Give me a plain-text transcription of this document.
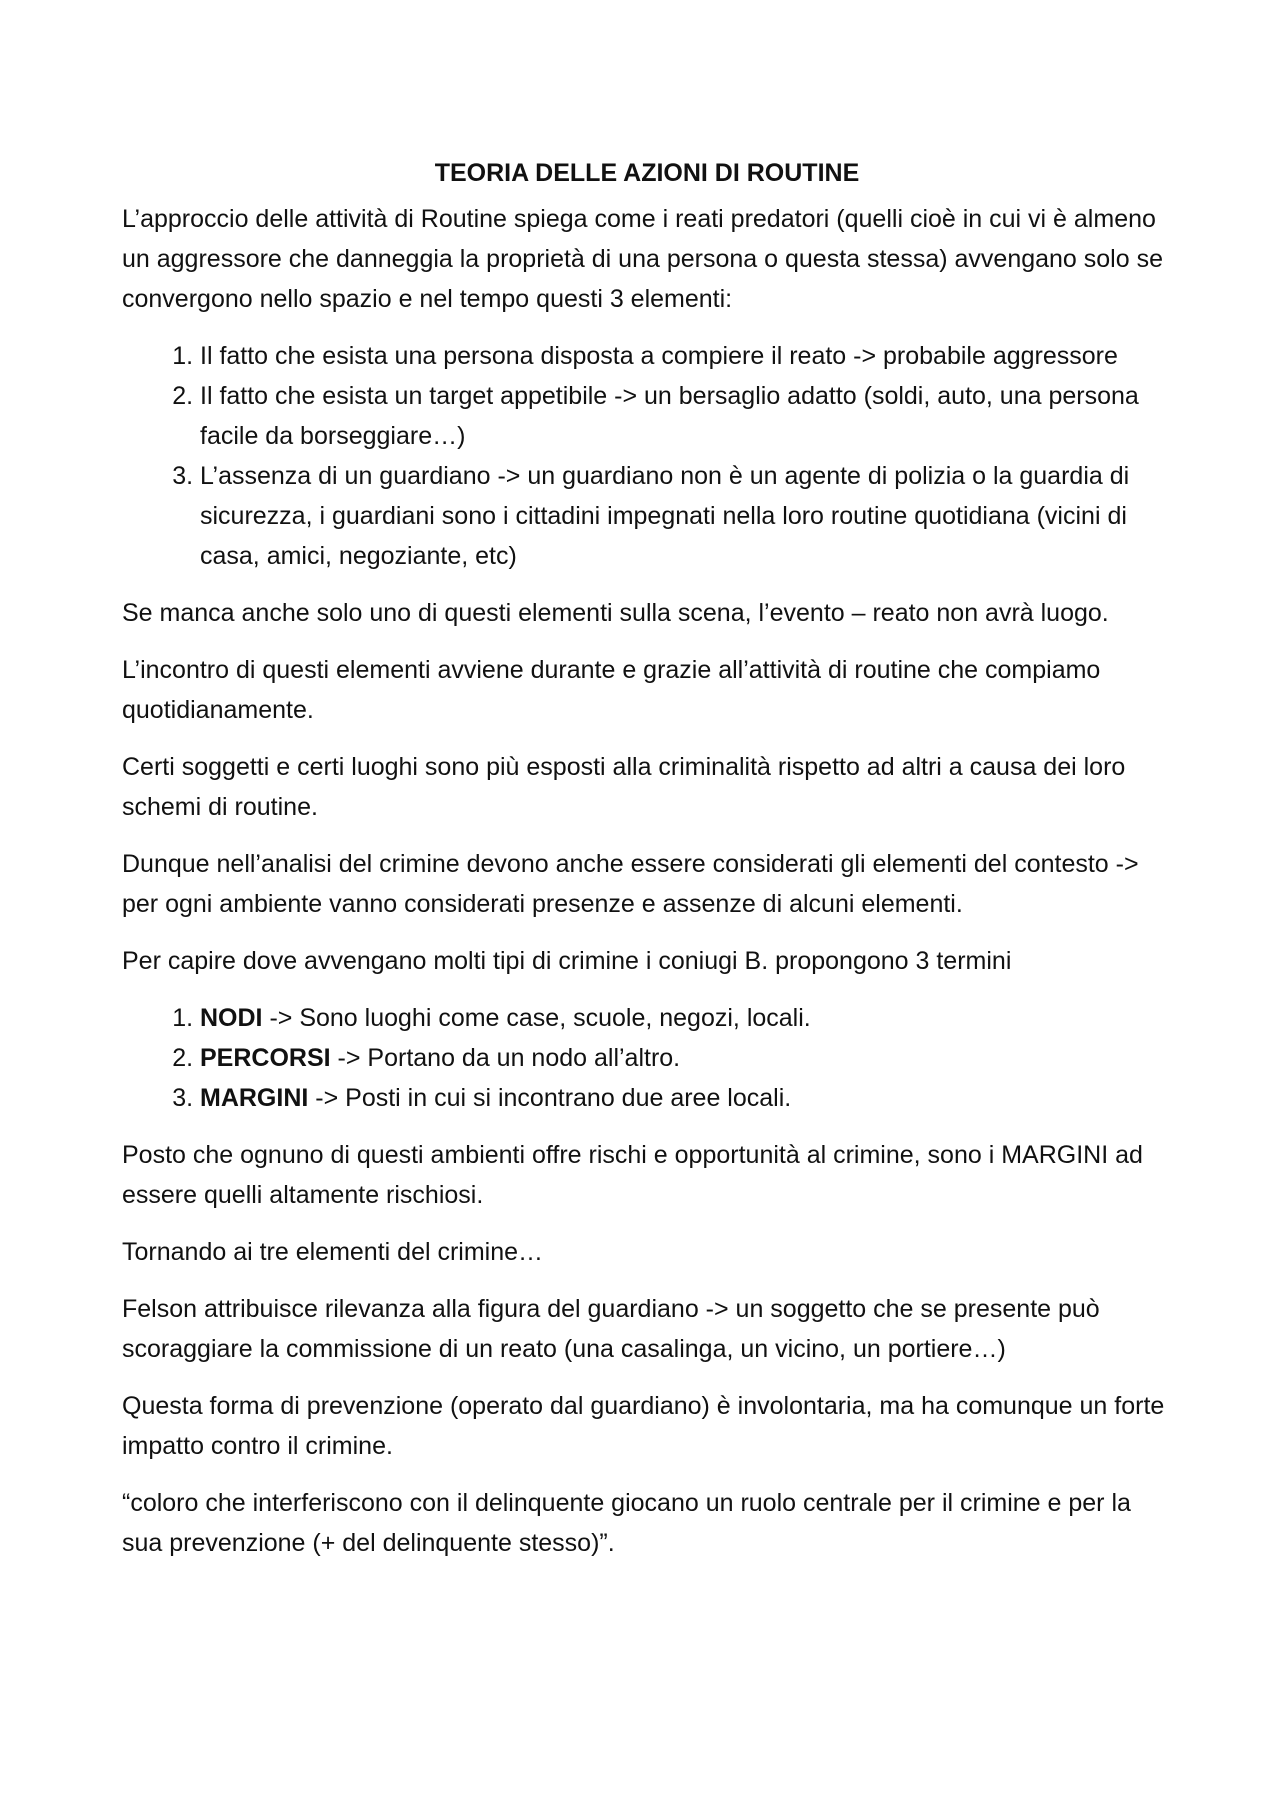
TEORIA DELLE AZIONI DI ROUTINE

L’approccio delle attività di Routine spiega come i reati predatori (quelli cioè in cui vi è almeno un aggressore che danneggia la proprietà di una persona o questa stessa) avvengano solo se convergono nello spazio e nel tempo questi 3 elementi:

1. Il fatto che esista una persona disposta a compiere il reato -> probabile aggressore
2. Il fatto che esista un target appetibile -> un bersaglio adatto (soldi, auto, una persona facile da borseggiare…)
3. L’assenza di un guardiano -> un guardiano non è un agente di polizia o la guardia di sicurezza, i guardiani sono i cittadini impegnati nella loro routine quotidiana (vicini di casa, amici, negoziante, etc)

Se manca anche solo uno di questi elementi sulla scena, l’evento – reato non avrà luogo.

L’incontro di questi elementi avviene durante e grazie all’attività di routine che compiamo quotidianamente.

Certi soggetti e certi luoghi sono più esposti alla criminalità rispetto ad altri a causa dei loro schemi di routine.

Dunque nell’analisi del crimine devono anche essere considerati gli elementi del contesto -> per ogni ambiente vanno considerati presenze e assenze di alcuni elementi.

Per capire dove avvengano molti tipi di crimine i coniugi B. propongono 3 termini

1. NODI -> Sono luoghi come case, scuole, negozi, locali.
2. PERCORSI -> Portano da un nodo all’altro.
3. MARGINI -> Posti in cui si incontrano due aree locali.

Posto che ognuno di questi ambienti offre rischi e opportunità al crimine, sono i MARGINI ad essere quelli altamente rischiosi.

Tornando ai tre elementi del crimine…

Felson attribuisce rilevanza alla figura del guardiano -> un soggetto che se presente può scoraggiare la commissione di un reato (una casalinga, un vicino, un portiere…)

Questa forma di prevenzione (operato dal guardiano) è involontaria, ma ha comunque un forte impatto contro il crimine.

“coloro che interferiscono con il delinquente giocano un ruolo centrale per il crimine e per la sua prevenzione (+ del delinquente stesso)”.
